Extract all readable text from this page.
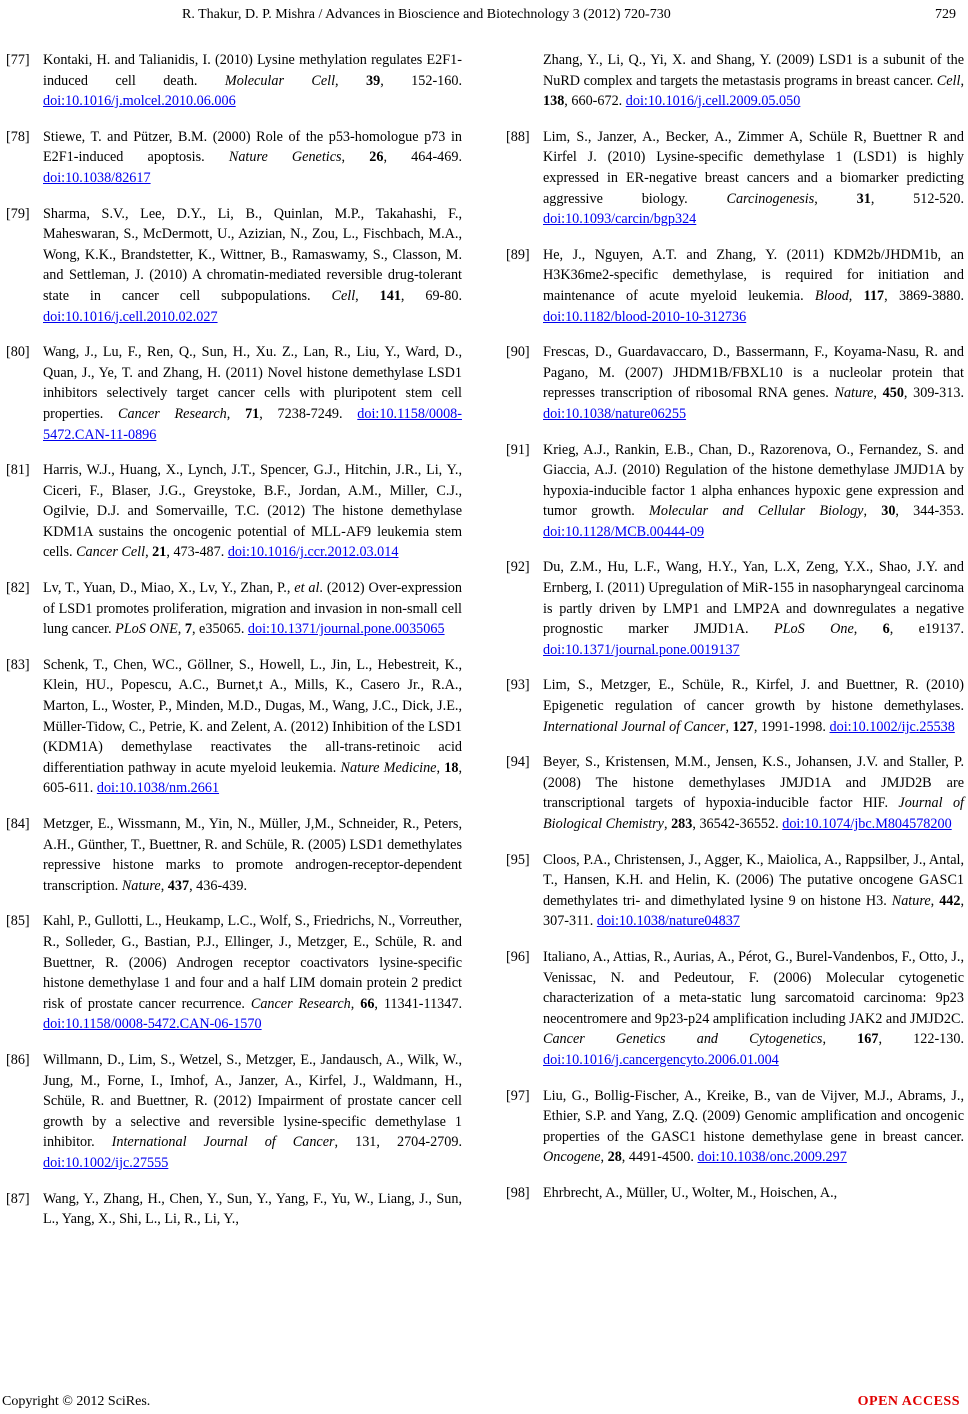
R. Thakur, D. P. Mishra / Advances in Bioscience and Biotechnology 3 (2012) 720-730	729
[77] Kontaki, H. and Talianidis, I. (2010) Lysine methylation regulates E2F1-induced cell death. Molecular Cell, 39, 152-160. doi:10.1016/j.molcel.2010.06.006
[78] Stiewe, T. and Pützer, B.M. (2000) Role of the p53-homologue p73 in E2F1-induced apoptosis. Nature Genetics, 26, 464-469. doi:10.1038/82617
[79] Sharma, S.V., Lee, D.Y., Li, B., Quinlan, M.P., Takahashi, F., Maheswaran, S., McDermott, U., Azizian, N., Zou, L., Fischbach, M.A., Wong, K.K., Brandstetter, K., Wittner, B., Ramaswamy, S., Classon, M. and Settleman, J. (2010) A chromatin-mediated reversible drug-tolerant state in cancer cell subpopulations. Cell, 141, 69-80. doi:10.1016/j.cell.2010.02.027
[80] Wang, J., Lu, F., Ren, Q., Sun, H., Xu. Z., Lan, R., Liu, Y., Ward, D., Quan, J., Ye, T. and Zhang, H. (2011) Novel histone demethylase LSD1 inhibitors selectively target cancer cells with pluripotent stem cell properties. Cancer Research, 71, 7238-7249. doi:10.1158/0008-5472.CAN-11-0896
[81] Harris, W.J., Huang, X., Lynch, J.T., Spencer, G.J., Hitchin, J.R., Li, Y., Ciceri, F., Blaser, J.G., Greystoke, B.F., Jordan, A.M., Miller, C.J., Ogilvie, D.J. and Somervaille, T.C. (2012) The histone demethylase KDM1A sustains the oncogenic potential of MLL-AF9 leukemia stem cells. Cancer Cell, 21, 473-487. doi:10.1016/j.ccr.2012.03.014
[82] Lv, T., Yuan, D., Miao, X., Lv, Y., Zhan, P., et al. (2012) Over-expression of LSD1 promotes proliferation, migration and invasion in non-small cell lung cancer. PLoS ONE, 7, e35065. doi:10.1371/journal.pone.0035065
[83] Schenk, T., Chen, WC., Göllner, S., Howell, L., Jin, L., Hebestreit, K., Klein, HU., Popescu, A.C., Burnet,t A., Mills, K., Casero Jr., R.A., Marton, L., Woster, P., Minden, M.D., Dugas, M., Wang, J.C., Dick, J.E., Müller-Tidow, C., Petrie, K. and Zelent, A. (2012) Inhibition of the LSD1 (KDM1A) demethylase reactivates the all-trans-retinoic acid differentiation pathway in acute myeloid leukemia. Nature Medicine, 18, 605-611. doi:10.1038/nm.2661
[84] Metzger, E., Wissmann, M., Yin, N., Müller, J,M., Schneider, R., Peters, A.H., Günther, T., Buettner, R. and Schüle, R. (2005) LSD1 demethylates repressive histone marks to promote androgen-receptor-dependent transcription. Nature, 437, 436-439.
[85] Kahl, P., Gullotti, L., Heukamp, L.C., Wolf, S., Friedrichs, N., Vorreuther, R., Solleder, G., Bastian, P.J., Ellinger, J., Metzger, E., Schüle, R. and Buettner, R. (2006) Androgen receptor coactivators lysine-specific histone demethylase 1 and four and a half LIM domain protein 2 predict risk of prostate cancer recurrence. Cancer Research, 66, 11341-11347. doi:10.1158/0008-5472.CAN-06-1570
[86] Willmann, D., Lim, S., Wetzel, S., Metzger, E., Jandausch, A., Wilk, W., Jung, M., Forne, I., Imhof, A., Janzer, A., Kirfel, J., Waldmann, H., Schüle, R. and Buettner, R. (2012) Impairment of prostate cancer cell growth by a selective and reversible lysine-specific demethylase 1 inhibitor. International Journal of Cancer, 131, 2704-2709. doi:10.1002/ijc.27555
[87] Wang, Y., Zhang, H., Chen, Y., Sun, Y., Yang, F., Yu, W., Liang, J., Sun, L., Yang, X., Shi, L., Li, R., Li, Y.,
Zhang, Y., Li, Q., Yi, X. and Shang, Y. (2009) LSD1 is a subunit of the NuRD complex and targets the metastasis programs in breast cancer. Cell, 138, 660-672. doi:10.1016/j.cell.2009.05.050
[88] Lim, S., Janzer, A., Becker, A., Zimmer A, Schüle R, Buettner R and Kirfel J. (2010) Lysine-specific demethylase 1 (LSD1) is highly expressed in ER-negative breast cancers and a biomarker predicting aggressive biology. Carcinogenesis, 31, 512-520. doi:10.1093/carcin/bgp324
[89] He, J., Nguyen, A.T. and Zhang, Y. (2011) KDM2b/JHDM1b, an H3K36me2-specific demethylase, is required for initiation and maintenance of acute myeloid leukemia. Blood, 117, 3869-3880. doi:10.1182/blood-2010-10-312736
[90] Frescas, D., Guardavaccaro, D., Bassermann, F., Koyama-Nasu, R. and Pagano, M. (2007) JHDM1B/FBXL10 is a nucleolar protein that represses transcription of ribosomal RNA genes. Nature, 450, 309-313. doi:10.1038/nature06255
[91] Krieg, A.J., Rankin, E.B., Chan, D., Razorenova, O., Fernandez, S. and Giaccia, A.J. (2010) Regulation of the histone demethylase JMJD1A by hypoxia-inducible factor 1 alpha enhances hypoxic gene expression and tumor growth. Molecular and Cellular Biology, 30, 344-353. doi:10.1128/MCB.00444-09
[92] Du, Z.M., Hu, L.F., Wang, H.Y., Yan, L.X, Zeng, Y.X., Shao, J.Y. and Ernberg, I. (2011) Upregulation of MiR-155 in nasopharyngeal carcinoma is partly driven by LMP1 and LMP2A and downregulates a negative prognostic marker JMJD1A. PLoS One, 6, e19137. doi:10.1371/journal.pone.0019137
[93] Lim, S., Metzger, E., Schüle, R., Kirfel, J. and Buettner, R. (2010) Epigenetic regulation of cancer growth by histone demethylases. International Journal of Cancer, 127, 1991-1998. doi:10.1002/ijc.25538
[94] Beyer, S., Kristensen, M.M., Jensen, K.S., Johansen, J.V. and Staller, P. (2008) The histone demethylases JMJD1A and JMJD2B are transcriptional targets of hypoxia-inducible factor HIF. Journal of Biological Chemistry, 283, 36542-36552. doi:10.1074/jbc.M804578200
[95] Cloos, P.A., Christensen, J., Agger, K., Maiolica, A., Rappsilber, J., Antal, T., Hansen, K.H. and Helin, K. (2006) The putative oncogene GASC1 demethylates tri- and dimethylated lysine 9 on histone H3. Nature, 442, 307-311. doi:10.1038/nature04837
[96] Italiano, A., Attias, R., Aurias, A., Pérot, G., Burel-Vandenbos, F., Otto, J., Venissac, N. and Pedeutour, F. (2006) Molecular cytogenetic characterization of a meta-static lung sarcomatoid carcinoma: 9p23 neocentromere and 9p23-p24 amplification including JAK2 and JMJD2C. Cancer Genetics and Cytogenetics, 167, 122-130. doi:10.1016/j.cancergencyto.2006.01.004
[97] Liu, G., Bollig-Fischer, A., Kreike, B., van de Vijver, M.J., Abrams, J., Ethier, S.P. and Yang, Z.Q. (2009) Genomic amplification and oncogenic properties of the GASC1 histone demethylase gene in breast cancer. Oncogene, 28, 4491-4500. doi:10.1038/onc.2009.297
[98] Ehrbrecht, A., Müller, U., Wolter, M., Hoischen, A.,
Copyright © 2012 SciRes.	OPEN ACCESS
